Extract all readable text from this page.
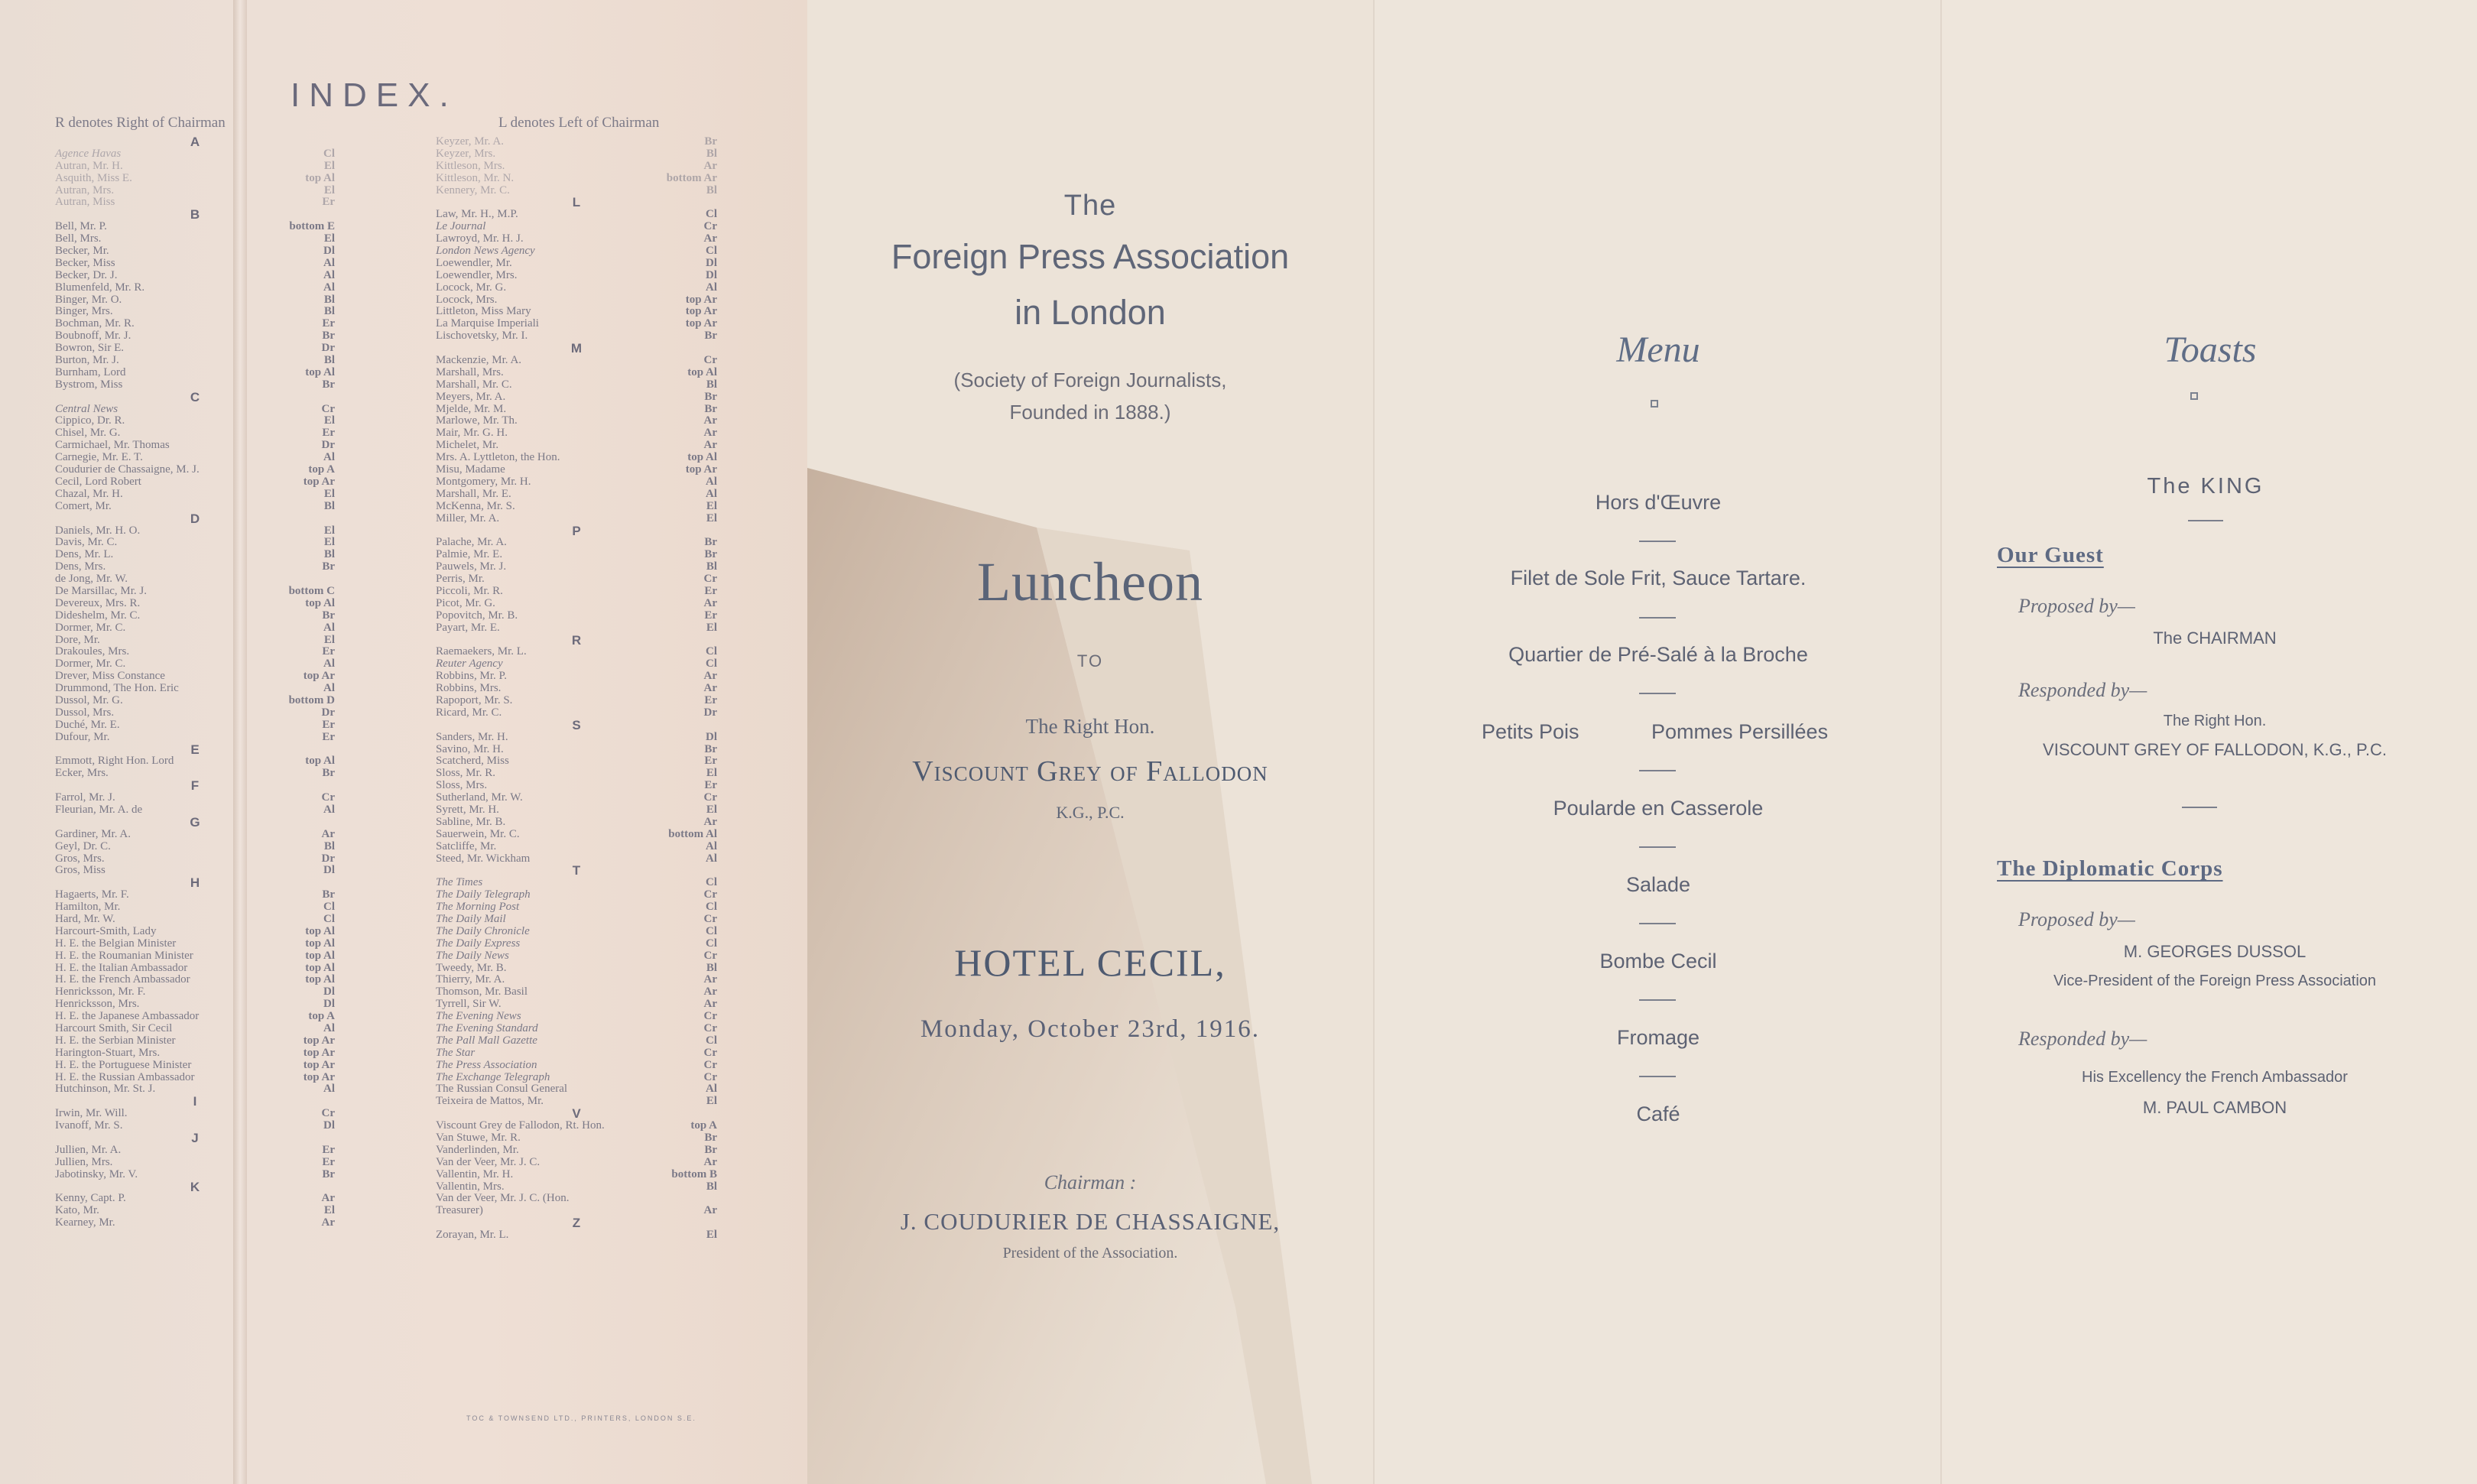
INDEX.
R denotes Right of Chairman	L denotes Left of Chairman
A
Agence Havas	Cl
Autran, Mr. H.	El
Asquith, Miss E.	top Al
Autran, Mrs.	El
Autran, Miss	Er
B
Bell, Mr. P.	bottom E
Bell, Mrs.	El
Becker, Mr.	Dl
Becker, Miss	Al
Becker, Dr. J.	Al
Blumenfeld, Mr. R.	Al
Binger, Mr. O.	Bl
Binger, Mrs.	Bl
Bochman, Mr. R.	Er
Boubnoff, Mr. J.	Br
Bowron, Sir E.	Dr
Burton, Mr. J.	Bl
Burnham, Lord	top Al
Bystrom, Miss	Br
C
Central News	Cr
Cippico, Dr. R.	El
Chisel, Mr. G.	Er
Carmichael, Mr. Thomas	Dr
Carnegie, Mr. E. T.	Al
Coudurier de Chassaigne, M. J.	top A
Cecil, Lord Robert	top Ar
Chazal, Mr. H.	El
Comert, Mr.	Bl
D
Daniels, Mr. H. O.	El
Davis, Mr. C.	El
Dens, Mr. L.	Bl
Dens, Mrs.	Br
de Jong, Mr. W.
De Marsillac, Mr. J.	bottom C
Devereux, Mrs. R.	top Al
Dideshelm, Mr. C.	Br
Dormer, Mr. C.	Al
Dore, Mr.	El
Drakoules, Mrs.	Er
Dormer, Mr. C.	Al
Drever, Miss Constance	top Ar
Drummond, The Hon. Eric	Al
Dussol, Mr. G.	bottom D
Dussol, Mrs.	Dr
Duché, Mr. E.	Er
Dufour, Mr.	Er
E
Emmott, Right Hon. Lord	top Al
Ecker, Mrs.	Br
F
Farrol, Mr. J.	Cr
Fleurian, Mr. A. de	Al
G
Gardiner, Mr. A.	Ar
Geyl, Dr. C.	Bl
Gros, Mrs.	Dr
Gros, Miss	Dl
H
Hagaerts, Mr. F.	Br
Hamilton, Mr.	Cl
Hard, Mr. W.	Cl
Harcourt-Smith, Lady	top Al
H. E. the Belgian Minister	top Al
H. E. the Roumanian Minister	top Al
H. E. the Italian Ambassador	top Al
H. E. the French Ambassador	top Al
Henricksson, Mr. F.	Dl
Henricksson, Mrs.	Dl
H. E. the Japanese Ambassador	top A
Harcourt Smith, Sir Cecil	Al
H. E. the Serbian Minister	top Ar
Harington-Stuart, Mrs.	top Ar
H. E. the Portuguese Minister	top Ar
H. E. the Russian Ambassador	top Ar
Hutchinson, Mr. St. J.	Al
I
Irwin, Mr. Will.	Cr
Ivanoff, Mr. S.	Dl
J
Jullien, Mr. A.	Er
Jullien, Mrs.	Er
Jabotinsky, Mr. V.	Br
K
Kenny, Capt. P.	Ar
Kato, Mr.	El
Kearney, Mr.	Ar
Keyzer, Mr. A.	Br
Keyzer, Mrs.	Bl
Kittleson, Mrs.	Ar
Kittleson, Mr. N.	bottom Ar
Kennery, Mr. C.	Bl
L
Law, Mr. H., M.P.	Cl
Le Journal	Cr
Lawroyd, Mr. H. J.	Ar
London News Agency	Cl
Loewendler, Mr.	Dl
Loewendler, Mrs.	Dl
Locock, Mr. G.	Al
Locock, Mrs.	top Ar
Littleton, Miss Mary	top Ar
La Marquise Imperiali	top Ar
Lischovetsky, Mr. I.	Br
M
Mackenzie, Mr. A.	Cr
Marshall, Mrs.	top Al
Marshall, Mr. C.	Bl
Meyers, Mr. A.	Br
Mjelde, Mr. M.	Br
Marlowe, Mr. Th.	Ar
Mair, Mr. G. H.	Ar
Michelet, Mr.	Ar
Mrs. A. Lyttleton, the Hon.	top Al
Misu, Madame	top Ar
Montgomery, Mr. H.	Al
Marshall, Mr. E.	Al
McKenna, Mr. S.	El
Miller, Mr. A.	El
P
Palache, Mr. A.	Br
Palmie, Mr. E.	Br
Pauwels, Mr. J.	Bl
Perris, Mr.	Cr
Piccoli, Mr. R.	Er
Picot, Mr. G.	Ar
Popovitch, Mr. B.	Er
Payart, Mr. E.	El
R
Raemaekers, Mr. L.	Cl
Reuter Agency	Cl
Robbins, Mr. P.	Ar
Robbins, Mrs.	Ar
Rapoport, Mr. S.	Er
Ricard, Mr. C.	Dr
S
Sanders, Mr. H.	Dl
Savino, Mr. H.	Br
Scatcherd, Miss	Er
Sloss, Mr. R.	El
Sloss, Mrs.	Er
Sutherland, Mr. W.	Cr
Syrett, Mr. H.	El
Sabline, Mr. B.	Ar
Sauerwein, Mr. C.	bottom Al
Satcliffe, Mr.	Al
Steed, Mr. Wickham	Al
T
The Times	Cl
The Daily Telegraph	Cr
The Morning Post	Cl
The Daily Mail	Cr
The Daily Chronicle	Cl
The Daily Express	Cl
The Daily News	Cr
Tweedy, Mr. B.	Bl
Thierry, Mr. A.	Ar
Thomson, Mr. Basil	Ar
Tyrrell, Sir W.	Ar
The Evening News	Cr
The Evening Standard	Cr
The Pall Mall Gazette	Cl
The Star	Cr
The Press Association	Cr
The Exchange Telegraph	Cr
The Russian Consul General	Al
Teixeira de Mattos, Mr.	El
V
Viscount Grey de Fallodon, Rt. Hon.	top A
Van Stuwe, Mr. R.	Br
Vanderlinden, Mr.	Br
Van der Veer, Mr. J. C.	Ar
Vallentin, Mr. H.	bottom B
Vallentin, Mrs.	Bl
Van der Veer, Mr. J. C. (Hon.
Treasurer)	Ar
Z
Zorayan, Mr. L.	El
TOC & TOWNSEND LTD., PRINTERS, LONDON S.E.
The
Foreign Press Association
in London
(Society of Foreign Journalists,
Founded in 1888.)
Luncheon
TO
The Right Hon.
Viscount Grey of Fallodon
K.G., P.C.
HOTEL CECIL,
Monday, October 23rd, 1916.
Chairman :
J. COUDURIER DE CHASSAIGNE,
President of the Association.
Menu
Hors d'Œuvre
Filet de Sole Frit, Sauce Tartare.
Quartier de Pré-Salé à la Broche
Petits Pois	Pommes Persillées
Poularde en Casserole
Salade
Bombe Cecil
Fromage
Café
Toasts
The KING
Our Guest
Proposed by—
The CHAIRMAN
Responded by—
The Right Hon.
VISCOUNT GREY OF FALLODON, K.G., P.C.
The Diplomatic Corps
Proposed by—
M. GEORGES DUSSOL
Vice-President of the Foreign Press Association
Responded by—
His Excellency the French Ambassador
M. PAUL CAMBON
